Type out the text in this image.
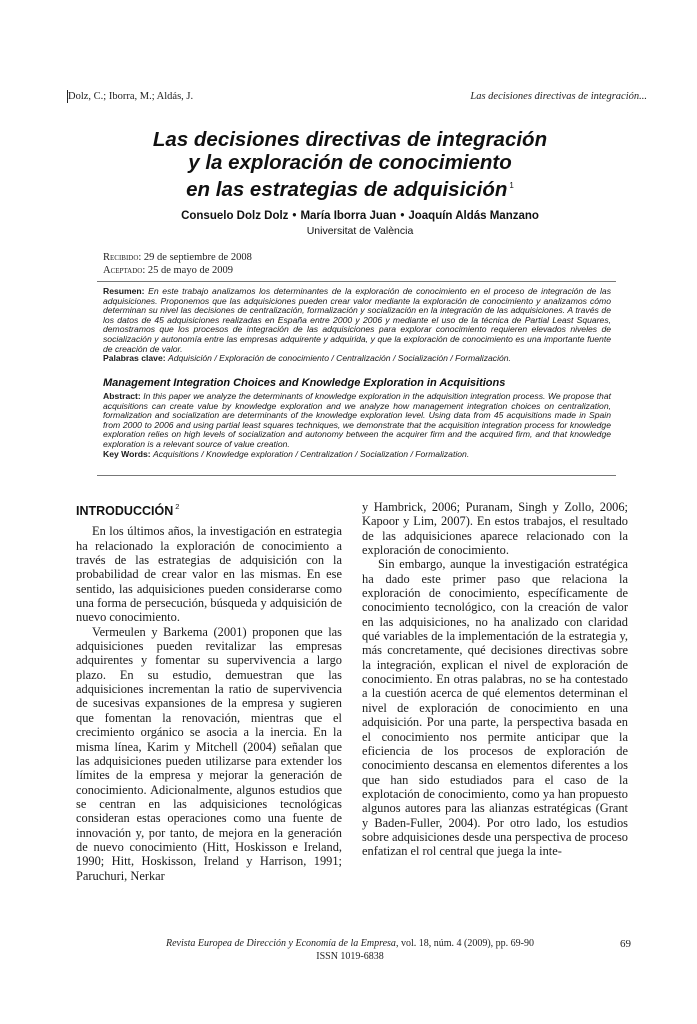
Dolz, C.; Iborra, M.; Aldás, J.	Las decisiones directivas de integración...
Las decisiones directivas de integración
y la exploración de conocimiento
en las estrategias de adquisición $^1$
Consuelo Dolz Dolz • María Iborra Juan • Joaquín Aldás Manzano
Universitat de València
Recibido: 29 de septiembre de 2008
Aceptado: 25 de mayo de 2009
Resumen: En este trabajo analizamos los determinantes de la exploración de conocimiento en el proceso de integración de las adquisiciones. Proponemos que las adquisiciones pueden crear valor mediante la exploración de conocimiento y analizamos cómo determinan su nivel las decisiones de centralización, formalización y socialización en la integración de las adquisiciones. A través de los datos de 45 adquisiciones realizadas en España entre 2000 y 2006 y mediante el uso de la técnica de Partial Least Squares, demostramos que los procesos de integración de las adquisiciones para explorar conocimiento requieren elevados niveles de socialización y autonomía entre las empresas adquirente y adquirida, y que la exploración de conocimiento es una importante fuente de creación de valor.
Palabras clave: Adquisición / Exploración de conocimiento / Centralización / Socialización / Formalización.
Management Integration Choices and Knowledge Exploration in Acquisitions
Abstract: In this paper we analyze the determinants of knowledge exploration in the adquisition integration process. We propose that acquisitions can create value by knowledge exploration and we analyze how management integration choices on centralization, formalization and socialization are determinants of the knowledge exploration level. Using data from 45 acquisitions made in Spain from 2000 to 2006 and using partial least squares techniques, we demonstrate that the acquisition integration process for knowledge exploration relies on high levels of socialization and autonomy between the acquirer firm and the acquired firm, and that knowledge exploration is a relevant source of value creation.
Key Words: Acquisitions / Knowledge exploration / Centralization / Socialization / Formalization.
INTRODUCCIÓN $^2$

En los últimos años, la investigación en estrategia ha relacionado la exploración de conocimiento a través de las estrategias de adquisición con la probabilidad de crear valor en las mismas. En ese sentido, las adquisiciones pueden considerarse como una forma de persecución, búsqueda y adquisición de nuevo conocimiento.

Vermeulen y Barkema (2001) proponen que las adquisiciones pueden revitalizar las empresas adquirentes y fomentar su supervivencia a largo plazo. En su estudio, demuestran que las adquisiciones incrementan la ratio de supervivencia de sucesivas expansiones de la empresa y sugieren que fomentan la renovación, mientras que el crecimiento orgánico se asocia a la inercia. En la misma línea, Karim y Mitchell (2004) señalan que las adquisiciones pueden utilizarse para extender los límites de la empresa y mejorar la generación de conocimiento. Adicionalmente, algunos estudios que se centran en las adquisiciones tecnológicas consideran estas operaciones como una fuente de innovación y, por tanto, de mejora en la generación de nuevo conocimiento (Hitt, Hoskisson e Ireland, 1990; Hitt, Hoskisson, Ireland y Harrison, 1991; Paruchuri, Nerkar

y Hambrick, 2006; Puranam, Singh y Zollo, 2006; Kapoor y Lim, 2007). En estos trabajos, el resultado de las adquisiciones aparece relacionado con la exploración de conocimiento.

Sin embargo, aunque la investigación estratégica ha dado este primer paso que relaciona la exploración de conocimiento, específicamente de conocimiento tecnológico, con la creación de valor en las adquisiciones, no ha analizado con claridad qué variables de la implementación de la estrategia y, más concretamente, qué decisiones directivas sobre la integración, explican el nivel de exploración de conocimiento. En otras palabras, no se ha contestado a la cuestión acerca de qué elementos determinan el nivel de exploración de conocimiento en una adquisición. Por una parte, la perspectiva basada en el conocimiento nos permite anticipar que la eficiencia de los procesos de exploración de conocimiento descansa en elementos diferentes a los que han sido estudiados para el caso de la explotación de conocimiento, como ya han propuesto algunos autores para las alianzas estratégicas (Grant y Baden-Fuller, 2004). Por otro lado, los estudios sobre adquisiciones desde una perspectiva de proceso enfatizan el rol central que juega la inte-

Revista Europea de Dirección y Economía de la Empresa, vol. 18, núm. 4 (2009), pp. 69-90
ISSN 1019-6838
69
